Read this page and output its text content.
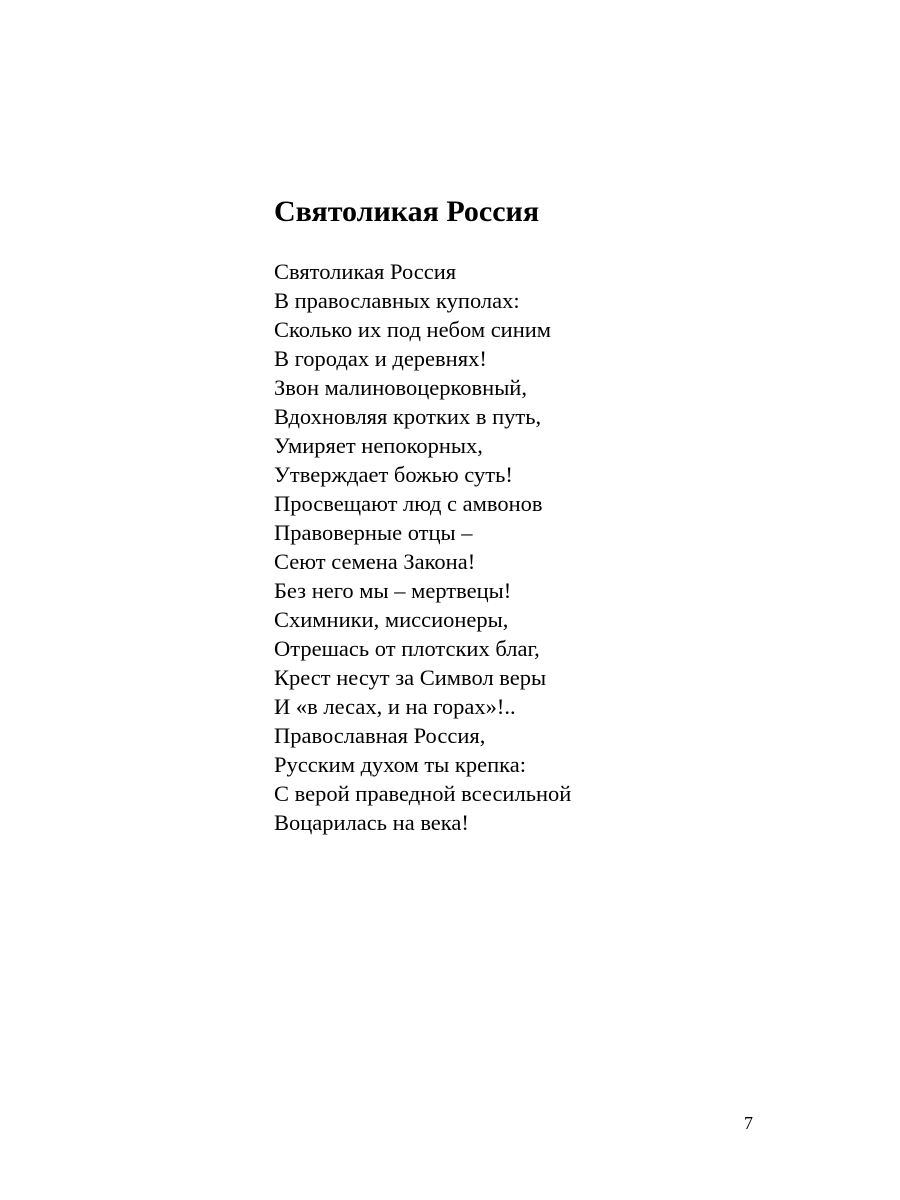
Святоликая Россия
Святоликая Россия
В православных куполах:
Сколько их под небом синим
В городах и деревнях!
Звон малиновоцерковный,
Вдохновляя кротких в путь,
Умиряет непокорных,
Утверждает божью суть!
Просвещают люд с амвонов
Правоверные отцы –
Сеют семена Закона!
Без него мы – мертвецы!
Схимники, миссионеры,
Отрешась от плотских благ,
Крест несут за Символ веры
И «в лесах, и на горах»!..
Православная Россия,
Русским духом ты крепка:
С верой праведной всесильной
Воцарилась на века!
7
